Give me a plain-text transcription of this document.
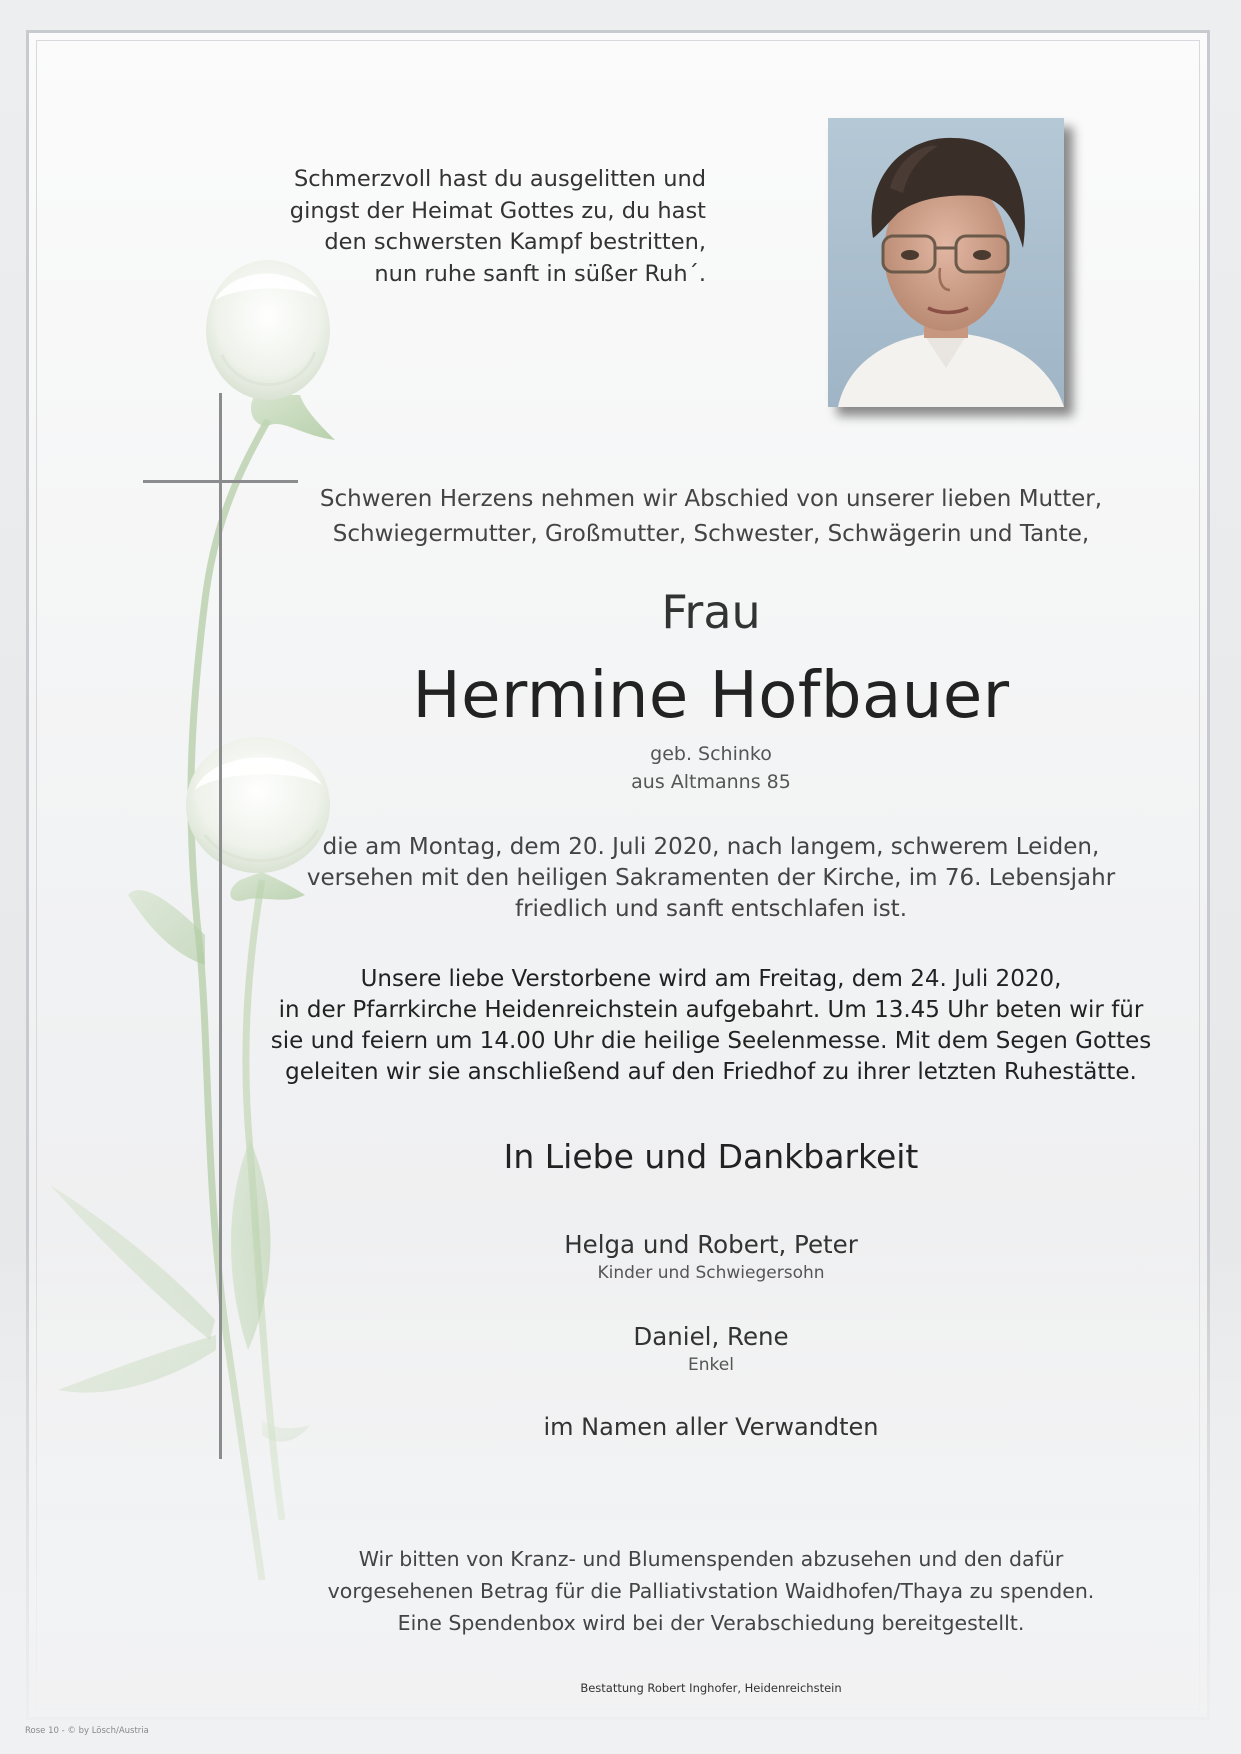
Schmerzvoll hast du ausgelitten und
gingst der Heimat Gottes zu, du hast
den schwersten Kampf bestritten,
nun ruhe sanft in süßer Ruh´.
Schweren Herzens nehmen wir Abschied von unserer lieben Mutter,
Schwiegermutter, Großmutter, Schwester, Schwägerin und Tante,
Frau
Hermine Hofbauer
geb. Schinko
aus Altmanns 85
die am Montag, dem 20. Juli 2020, nach langem, schwerem Leiden,
versehen mit den heiligen Sakramenten der Kirche, im 76. Lebensjahr
friedlich und sanft entschlafen ist.
Unsere liebe Verstorbene wird am Freitag, dem 24. Juli 2020,
in der Pfarrkirche Heidenreichstein aufgebahrt. Um 13.45 Uhr beten wir für
sie und feiern um 14.00 Uhr die heilige Seelenmesse. Mit dem Segen Gottes
geleiten wir sie anschließend auf den Friedhof zu ihrer letzten Ruhestätte.
In Liebe und Dankbarkeit
Helga und Robert, Peter
Kinder und Schwiegersohn
Daniel, Rene
Enkel
im Namen aller Verwandten
Wir bitten von Kranz- und Blumenspenden abzusehen und den dafür
vorgesehenen Betrag für die Palliativstation Waidhofen/Thaya zu spenden.
Eine Spendenbox wird bei der Verabschiedung bereitgestellt.
Bestattung Robert Inghofer, Heidenreichstein
Rose 10 - © by Lösch/Austria
